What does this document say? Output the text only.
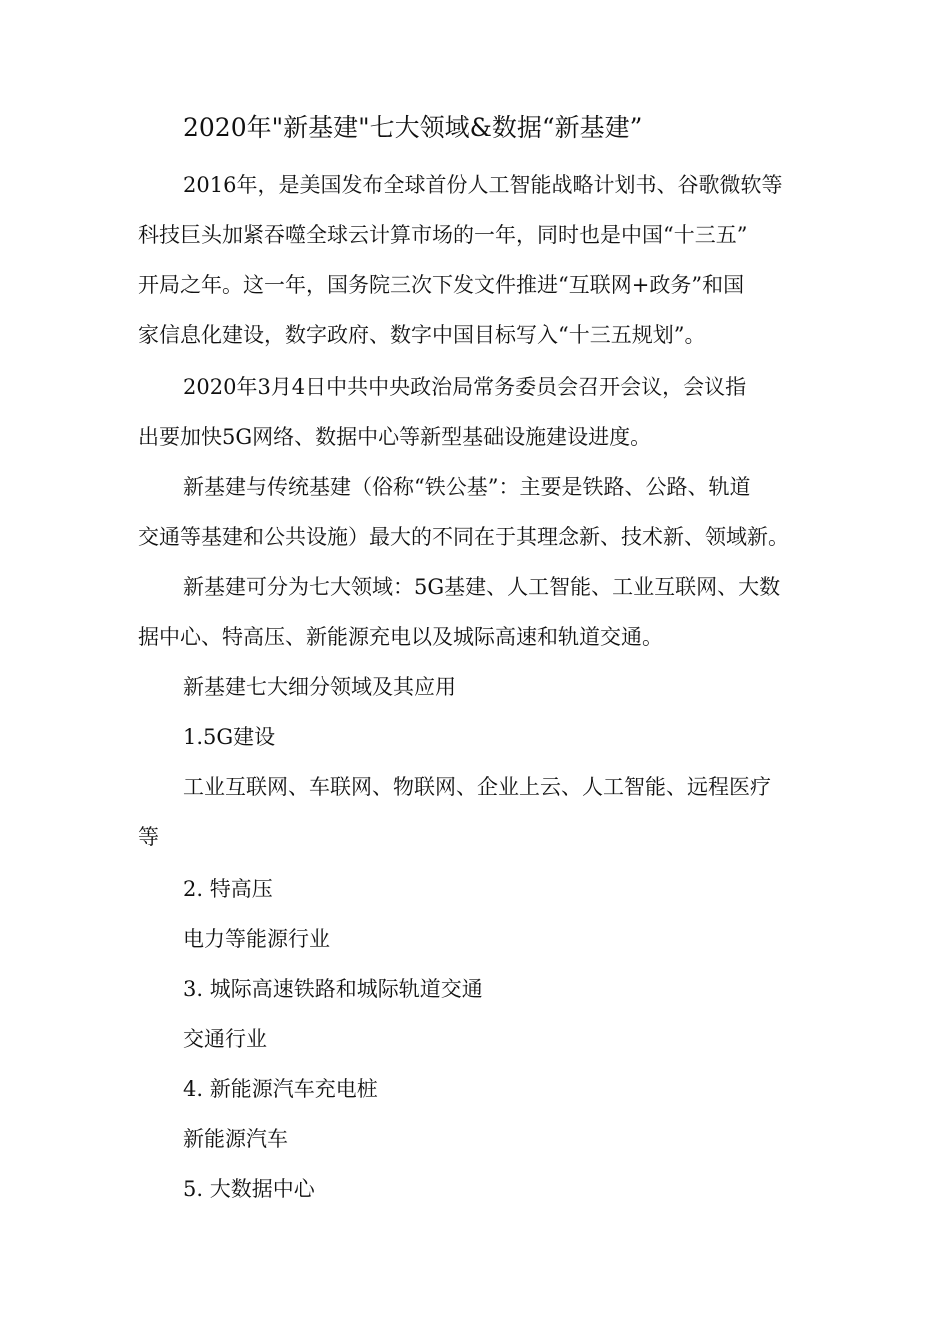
2020年"新基建"七大领域&数据“新基建”

2016年，是美国发布全球首份人工智能战略计划书、谷歌微软等
科技巨头加紧吞噬全球云计算市场的一年，同时也是中国“十三五”
开局之年。这一年，国务院三次下发文件推进“互联网+政务”和国
家信息化建设，数字政府、数字中国目标写入“十三五规划”。

2020年3月4日中共中央政治局常务委员会召开会议，会议指
出要加快5G网络、数据中心等新型基础设施建设进度。

新基建与传统基建（俗称“铁公基”：主要是铁路、公路、轨道
交通等基建和公共设施）最大的不同在于其理念新、技术新、领域新。

新基建可分为七大领域：5G基建、人工智能、工业互联网、大数
据中心、特高压、新能源充电以及城际高速和轨道交通。

新基建七大细分领域及其应用
1.5G建设

工业互联网、车联网、物联网、企业上云、人工智能、远程医疗
等

2. 特高压
电力等能源行业
3. 城际高速铁路和城际轨道交通
交通行业
4. 新能源汽车充电桩
新能源汽车
5. 大数据中心
